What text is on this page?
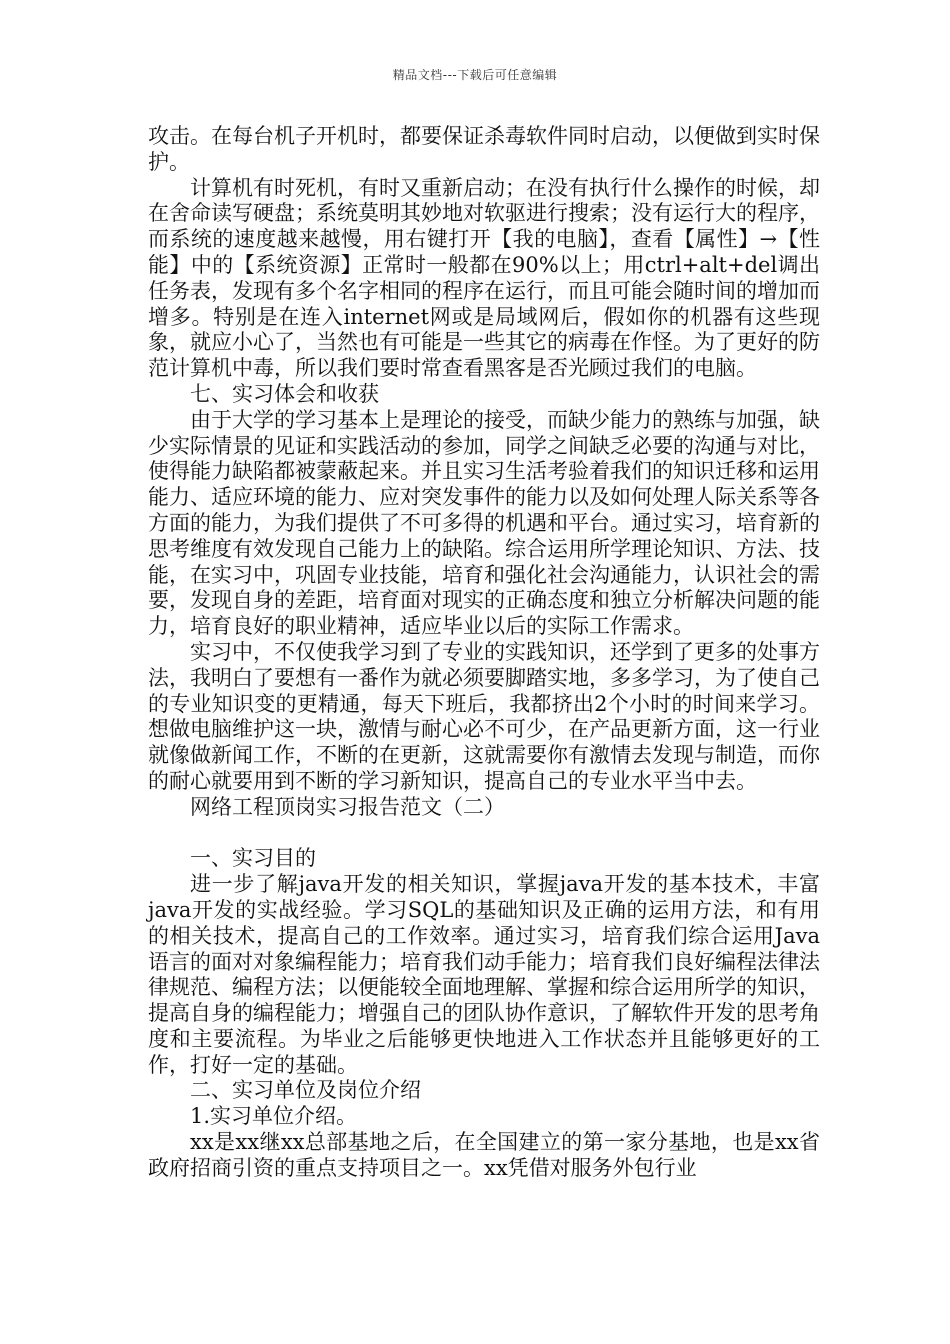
精品文档---下载后可任意编辑

攻击。在每台机子开机时，都要保证杀毒软件同时启动，以便做到实时保护。

计算机有时死机，有时又重新启动；在没有执行什么操作的时候，却在舍命读写硬盘；系统莫明其妙地对软驱进行搜索；没有运行大的程序，而系统的速度越来越慢，用右键打开【我的电脑】，查看【属性】→【性能】中的【系统资源】正常时一般都在90%以上；用ctrl+alt+del调出任务表，发现有多个名字相同的程序在运行，而且可能会随时间的增加而增多。特别是在连入internet网或是局域网后，假如你的机器有这些现象，就应小心了，当然也有可能是一些其它的病毒在作怪。为了更好的防范计算机中毒，所以我们要时常查看黑客是否光顾过我们的电脑。

七、实习体会和收获

由于大学的学习基本上是理论的接受，而缺少能力的熟练与加强，缺少实际情景的见证和实践活动的参加，同学之间缺乏必要的沟通与对比，使得能力缺陷都被蒙蔽起来。并且实习生活考验着我们的知识迁移和运用能力、适应环境的能力、应对突发事件的能力以及如何处理人际关系等各方面的能力，为我们提供了不可多得的机遇和平台。通过实习，培育新的思考维度有效发现自己能力上的缺陷。综合运用所学理论知识、方法、技能，在实习中，巩固专业技能，培育和强化社会沟通能力，认识社会的需要，发现自身的差距，培育面对现实的正确态度和独立分析解决问题的能力，培育良好的职业精神，适应毕业以后的实际工作需求。

实习中，不仅使我学习到了专业的实践知识，还学到了更多的处事方法，我明白了要想有一番作为就必须要脚踏实地，多多学习，为了使自己的专业知识变的更精通，每天下班后，我都挤出2个小时的时间来学习。想做电脑维护这一块，激情与耐心必不可少，在产品更新方面，这一行业就像做新闻工作，不断的在更新，这就需要你有激情去发现与制造，而你的耐心就要用到不断的学习新知识，提高自己的专业水平当中去。

网络工程顶岗实习报告范文（二）

一、实习目的

进一步了解java开发的相关知识，掌握java开发的基本技术，丰富java开发的实战经验。学习SQL的基础知识及正确的运用方法，和有用的相关技术，提高自己的工作效率。通过实习，培育我们综合运用Java语言的面对对象编程能力；培育我们动手能力；培育我们良好编程法律法律规范、编程方法；以便能较全面地理解、掌握和综合运用所学的知识，提高自身的编程能力；增强自己的团队协作意识，了解软件开发的思考角度和主要流程。为毕业之后能够更快地进入工作状态并且能够更好的工作，打好一定的基础。

二、实习单位及岗位介绍

1.实习单位介绍。

xx是xx继xx总部基地之后，在全国建立的第一家分基地，也是xx省政府招商引资的重点支持项目之一。xx凭借对服务外包行业
